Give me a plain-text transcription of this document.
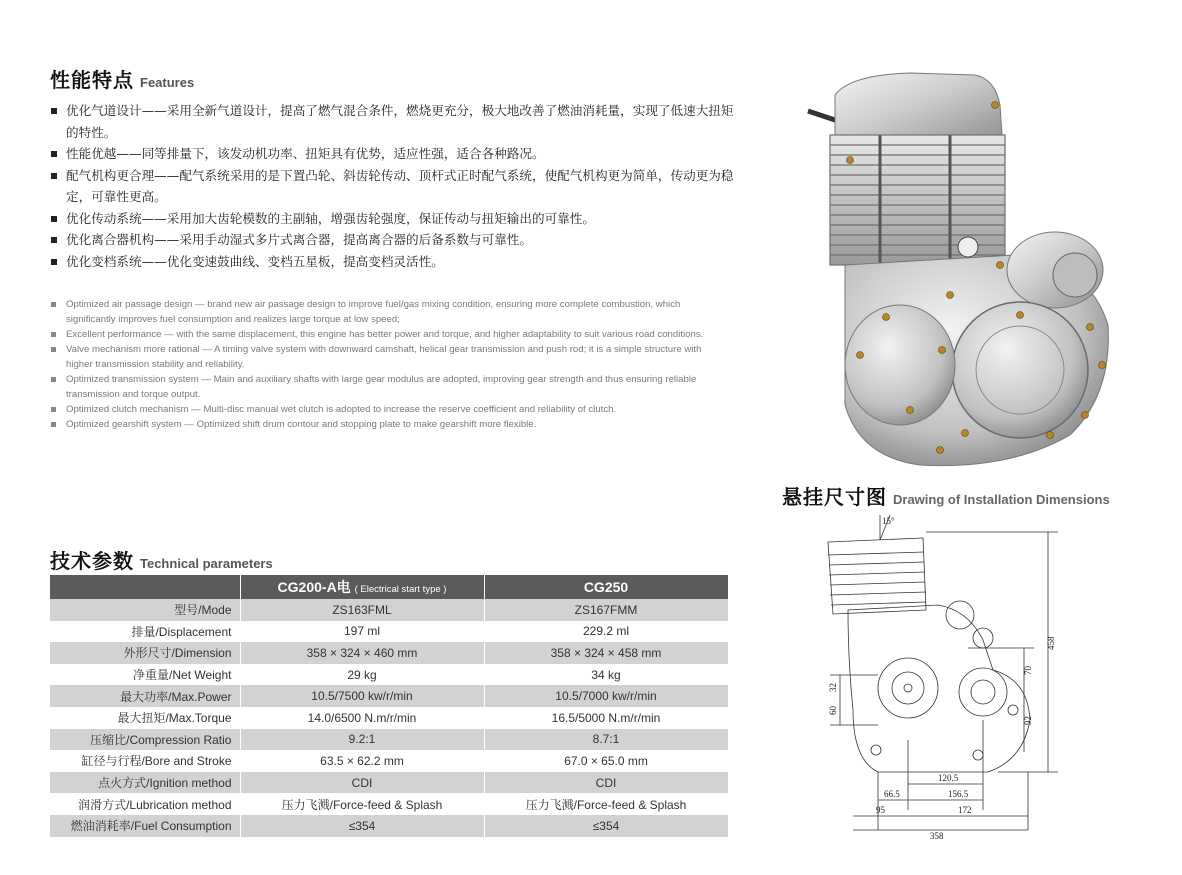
性能特点 Features
优化气道设计——采用全新气道设计，提高了燃气混合条件，燃烧更充分，极大地改善了燃油消耗量，实现了低速大扭矩的特性。
性能优越——同等排量下，该发动机功率、扭矩具有优势，适应性强，适合各种路况。
配气机构更合理——配气系统采用的是下置凸轮、斜齿轮传动、顶杆式正时配气系统，使配气机构更为简单，传动更为稳定，可靠性更高。
优化传动系统——采用加大齿轮模数的主副轴，增强齿轮强度，保证传动与扭矩输出的可靠性。
优化离合器机构——采用手动湿式多片式离合器，提高离合器的后备系数与可靠性。
优化变档系统——优化变速鼓曲线、变档五星板，提高变档灵活性。
Optimized air passage design — brand new air passage design to improve fuel/gas mixing condition, ensuring more complete combustion, which significantly improves fuel consumption and realizes large torque at low speed;
Excellent performance — with the same displacement, this engine has better power and torque, and higher adaptability to suit various road conditions.
Valve mechanism more rational — A timing valve system with downward camshaft, helical gear transmission and push rod; it is a simple structure with higher transmission stability and reliability.
Optimized transmission system — Main and auxiliary shafts with large gear modulus are adopted, improving gear strength and thus ensuring reliable transmission and torque output.
Optimized clutch mechanism — Multi-disc manual wet clutch is adopted to increase the reserve coefficient and reliability of clutch.
Optimized gearshift system — Optimized shift drum contour and stopping plate to make gearshift more flexible.
悬挂尺寸图 Drawing of Installation Dimensions
15°
458
70
92
32
60
120.5
66.5	156.5
95	172
358
技术参数 Technical parameters
	CG200-A电 ( Electrical start type )	CG250
型号/Mode	ZS163FML	ZS167FMM
排量/Displacement	197 ml	229.2 ml
外形尺寸/Dimension	358 × 324 × 460 mm	358 × 324 × 458 mm
净重量/Net Weight	29 kg	34 kg
最大功率/Max.Power	10.5/7500 kw/r/min	10.5/7000 kw/r/min
最大扭矩/Max.Torque	14.0/6500 N.m/r/min	16.5/5000 N.m/r/min
压缩比/Compression Ratio	9.2:1	8.7:1
缸径与行程/Bore and Stroke	63.5 × 62.2 mm	67.0 × 65.0 mm
点火方式/Ignition method	CDI	CDI
润滑方式/Lubrication method	压力飞溅/Force-feed & Splash	压力飞溅/Force-feed & Splash
燃油消耗率/Fuel Consumption	≤354	≤354
